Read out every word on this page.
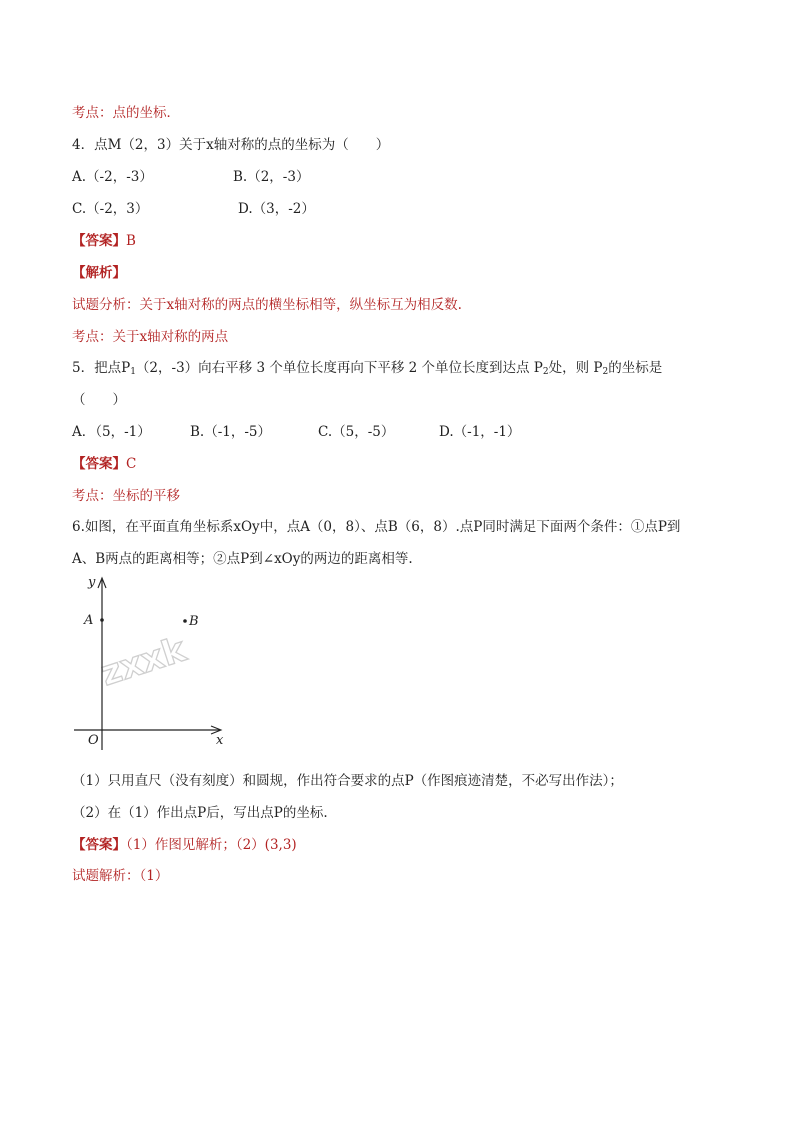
考点：点的坐标．
4．点M（2，3）关于x轴对称的点的坐标为（　　）
A.（-2，-3）	B.（2，-3）
C.（-2，3）	D.（3，-2）
【答案】B
【解析】
试题分析：关于x轴对称的两点的横坐标相等，纵坐标互为相反数.
考点：关于x轴对称的两点
5．把点$P_1(2$，-3）向右平移 3 个单位长度再向下平移 2 个单位长度到达点 $P_2$处，则 $P_2$的坐标是
（　　）
A．（5，-1）	B.（-1，-5）	C.（5，-5）	D.（-1，-1）
【答案】C
考点：坐标的平移
6.如图，在平面直角坐标系xOy中，点A（0，8）、点B（6，8）.点P同时满足下面两个条件：①点P到
A、B两点的距离相等；②点P到∠xOy的两边的距离相等.
zxxk
y
x
O
A	B
（1）只用直尺（没有刻度）和圆规，作出符合要求的点P（作图痕迹清楚，不必写出作法）；
（2）在（1）作出点P后，写出点P的坐标.
【答案】（1）作图见解析；（2）(3,3)
试题解析：（1）
